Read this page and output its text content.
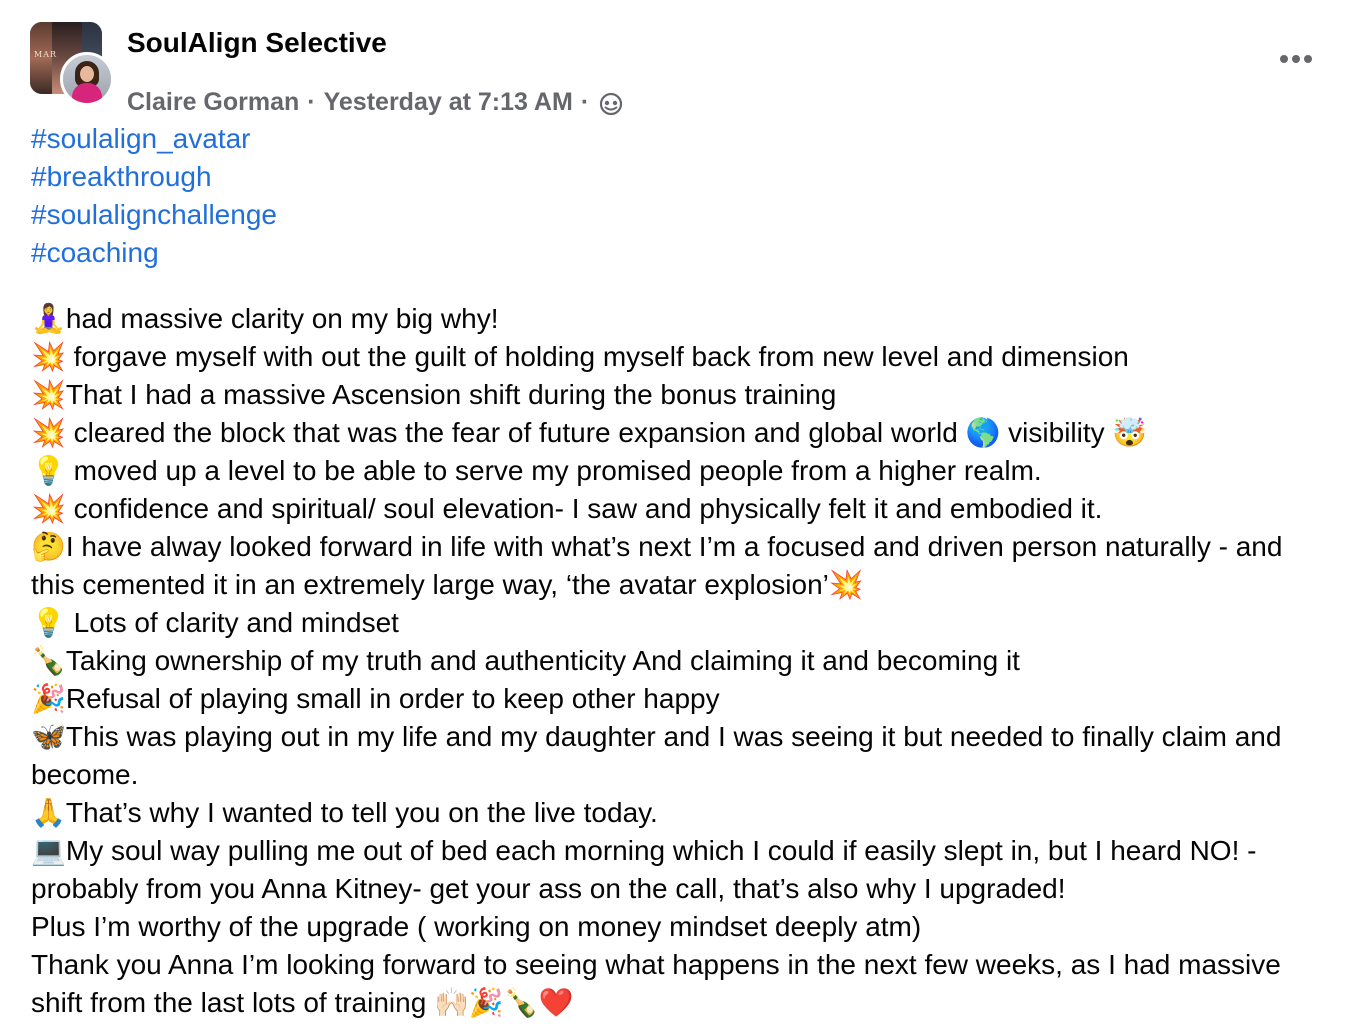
MAR	SoulAlign Selective
Claire Gorman · Yesterday at 7:13 AM ·
#soulalign_avatar
#breakthrough
#soulalignchallenge
#coaching
🧘‍♀️had massive clarity on my big why!
💥 forgave myself with out the guilt of holding myself back from new level and dimension
💥That I had a massive Ascension shift during the bonus training
💥 cleared the block that was the fear of future expansion and global world 🌎 visibility 🤯
💡 moved up a level to be able to serve my promised people from a higher realm.
💥 confidence and spiritual/ soul elevation- I saw and physically felt it and embodied it.
🤔I have alway looked forward in life with what’s next I’m a focused and driven person naturally - and this cemented it in an extremely large way, ‘the avatar explosion’💥
💡 Lots of clarity and mindset
🍾Taking ownership of my truth and authenticity And claiming it and becoming it
🎉Refusal of playing small in order to keep other happy
🦋This was playing out in my life and my daughter and I was seeing it but needed to finally claim and become.
🙏That’s why I wanted to tell you on the live today.
💻My soul way pulling me out of bed each morning which I could if easily slept in, but I heard NO! - probably from you Anna Kitney- get your ass on the call, that’s also why I upgraded!
Plus I’m worthy of the upgrade ( working on money mindset deeply atm)
Thank you Anna I’m looking forward to seeing what happens in the next few weeks, as I had massive shift from the last lots of training 🙌🏻🎉🍾❤️
